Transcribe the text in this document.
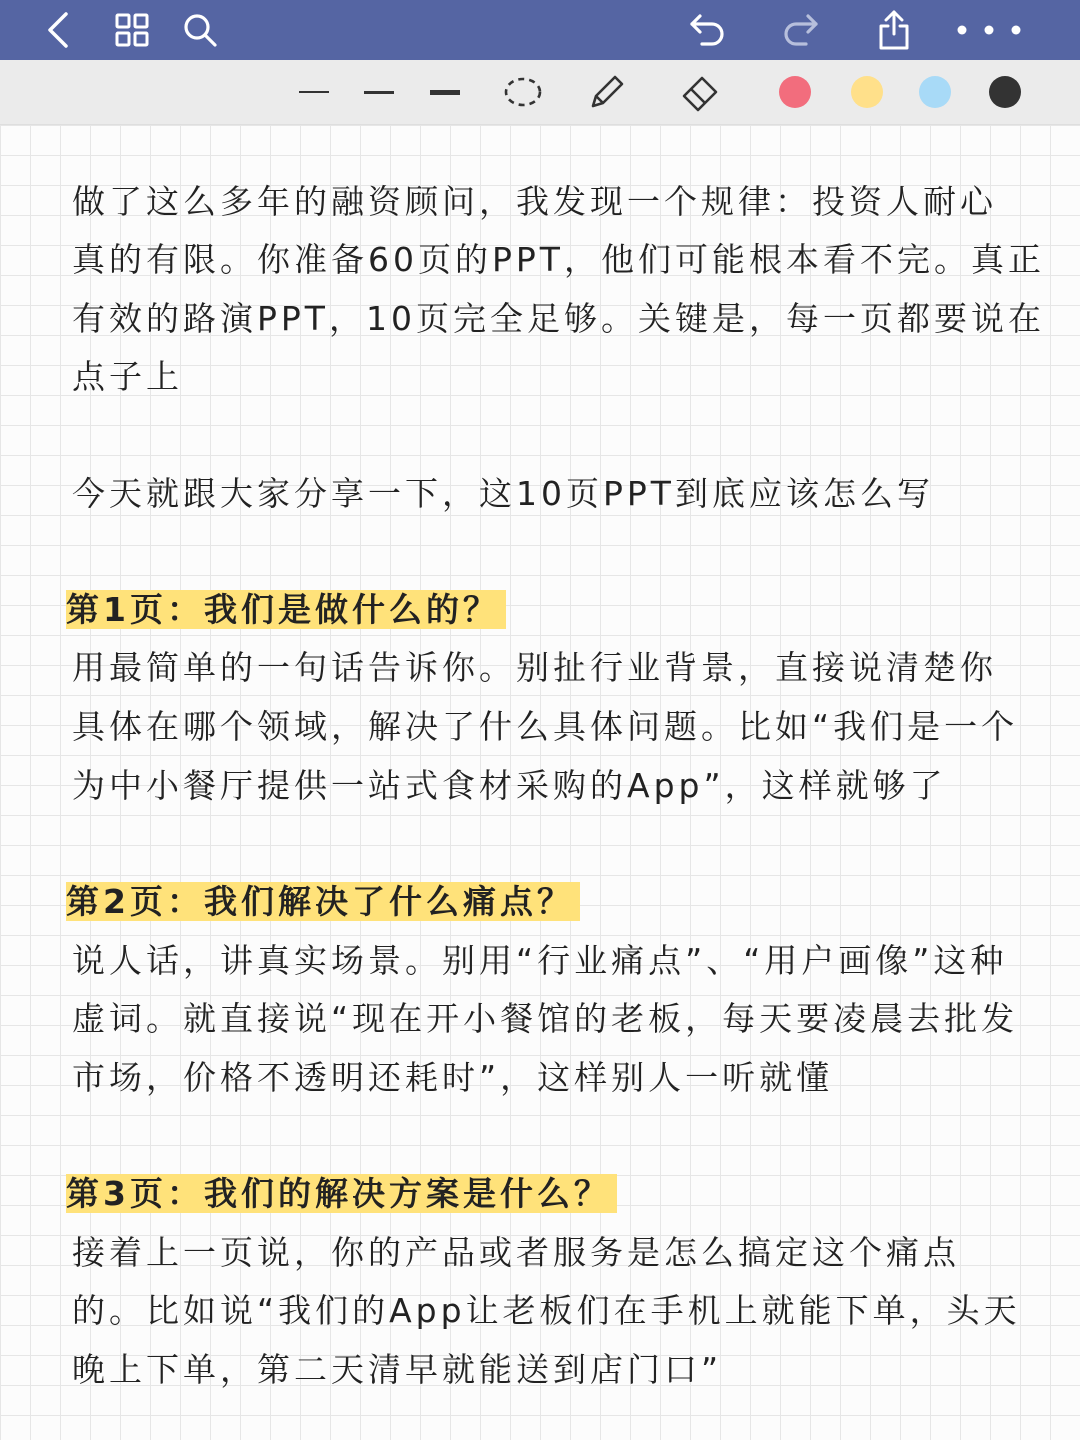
做了这么多年的融资顾问，我发现一个规律：投资人耐心
真的有限。你准备60页的PPT，他们可能根本看不完。真正
有效的路演PPT，10页完全足够。关键是，每一页都要说在
点子上
今天就跟大家分享一下，这10页PPT到底应该怎么写
第1页：我们是做什么的？
用最简单的一句话告诉你。别扯行业背景，直接说清楚你
具体在哪个领域，解决了什么具体问题。比如“我们是一个
为中小餐厅提供一站式食材采购的App”，这样就够了
第2页：我们解决了什么痛点？
说人话，讲真实场景。别用“行业痛点”、“用户画像”这种
虚词。就直接说“现在开小餐馆的老板，每天要凌晨去批发
市场，价格不透明还耗时”，这样别人一听就懂
第3页：我们的解决方案是什么？
接着上一页说，你的产品或者服务是怎么搞定这个痛点
的。比如说“我们的App让老板们在手机上就能下单，头天
晚上下单，第二天清早就能送到店门口”
